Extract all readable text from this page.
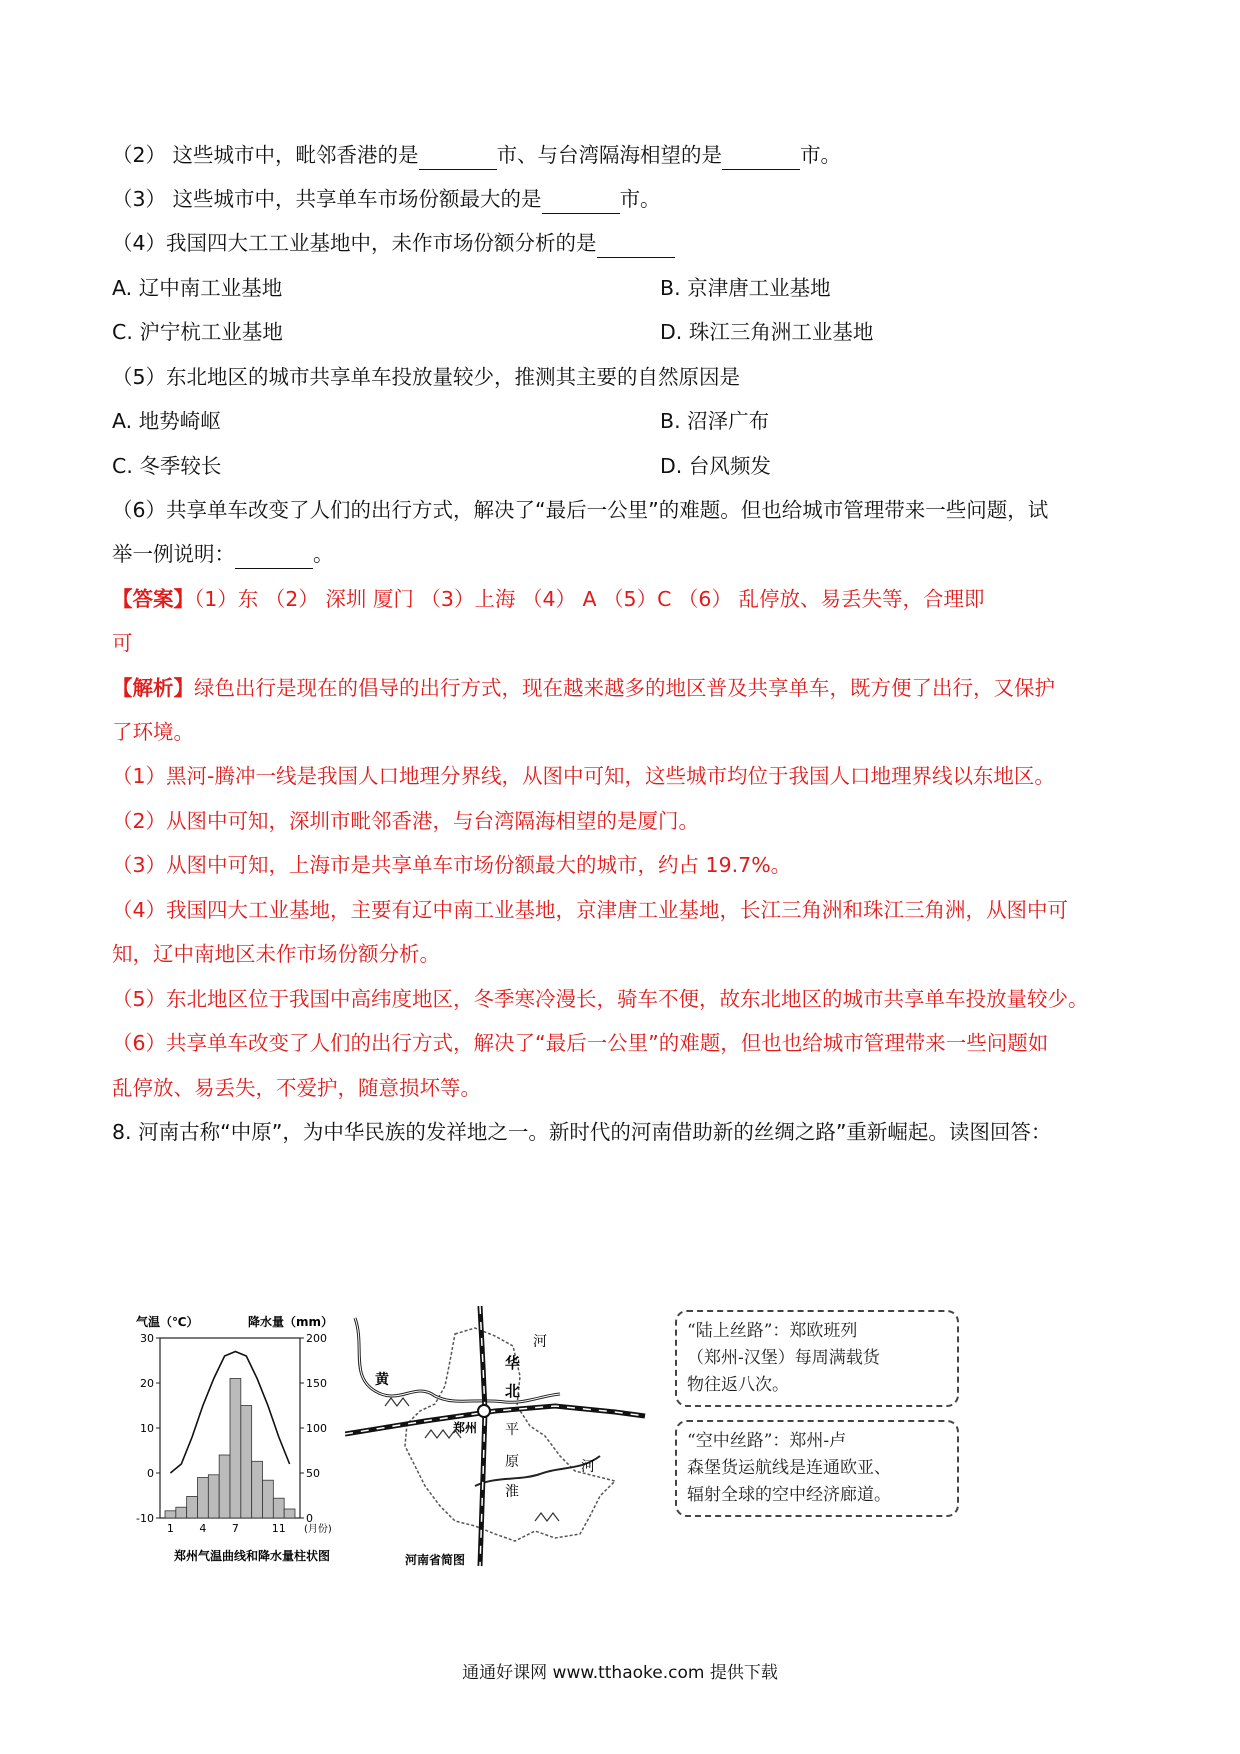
（2） 这些城市中，毗邻香港的是	市、与台湾隔海相望的是	市。
（3） 这些城市中，共享单车市场份额最大的是	市。
（4）我国四大工工业基地中，未作市场份额分析的是
A. 辽中南工业基地	B. 京津唐工业基地
C. 沪宁杭工业基地	D. 珠江三角洲工业基地
（5）东北地区的城市共享单车投放量较少，推测其主要的自然原因是
A. 地势崎岖	B. 沼泽广布
C. 冬季较长	D. 台风频发
（6）共享单车改变了人们的出行方式，解决了“最后一公里”的难题。但也给城市管理带来一些问题，试
举一例说明：	。
【答案】（1）东 （2） 深圳 厦门 （3）上海 （4） A （5）C （6） 乱停放、易丢失等，合理即
可
【解析】绿色出行是现在的倡导的出行方式，现在越来越多的地区普及共享单车，既方便了出行，又保护
了环境。
（1）黑河-腾冲一线是我国人口地理分界线，从图中可知，这些城市均位于我国人口地理界线以东地区。
（2）从图中可知，深圳市毗邻香港，与台湾隔海相望的是厦门。
（3）从图中可知，上海市是共享单车市场份额最大的城市，约占 19.7%。
（4）我国四大工业基地，主要有辽中南工业基地，京津唐工业基地，长江三角洲和珠江三角洲，从图中可
知，辽中南地区未作市场份额分析。
（5）东北地区位于我国中高纬度地区，冬季寒冷漫长，骑车不便，故东北地区的城市共享单车投放量较少。
（6）共享单车改变了人们的出行方式，解决了“最后一公里”的难题，但也也给城市管理带来一些问题如
乱停放、易丢失，不爱护，随意损坏等。
8. 河南古称“中原”，为中华民族的发祥地之一。新时代的河南借助新的丝绸之路”重新崛起。读图回答：
气温（℃）	降水量（mm）
30
20
10
0
-10
200
150
100
50
0
1 4 7	11 (月份)
郑州气温曲线和降水量柱状图
郑州
黄
华
北
平
原
淮
河
河
河南省简图
“陆上丝路”：郑欧班列
（郑州-汉堡）每周满载货
物往返八次。
“空中丝路”：郑州-卢
森堡货运航线是连通欧亚、
辐射全球的空中经济廊道。
通通好课网 www.tthaoke.com 提供下载
